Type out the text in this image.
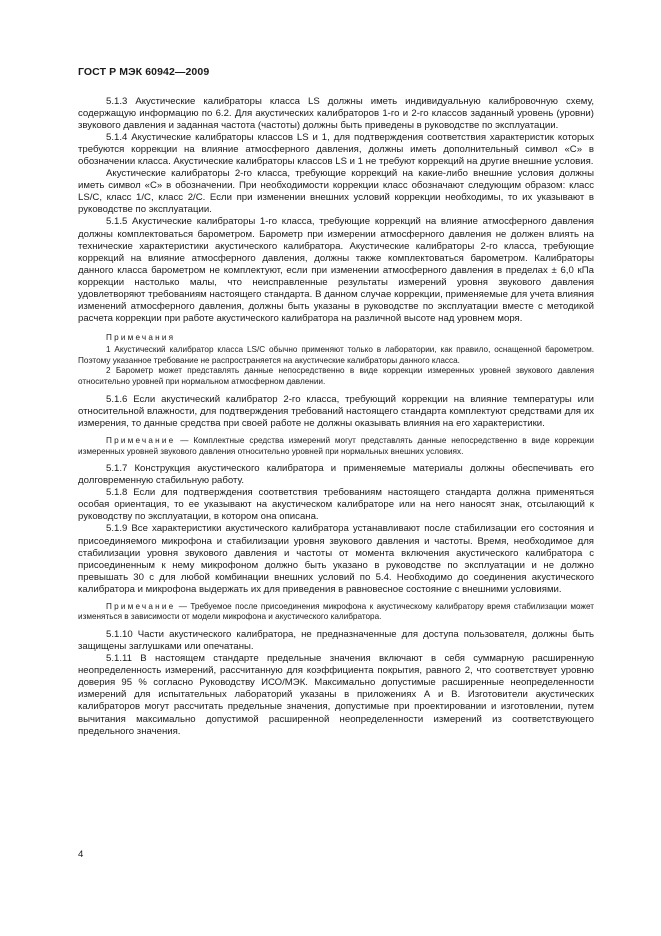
ГОСТ Р МЭК 60942—2009

5.1.3 Акустические калибраторы класса LS должны иметь индивидуальную калибровочную схему, содержащую информацию по 6.2. Для акустических калибраторов 1-го и 2-го классов заданный уровень (уровни) звукового давления и заданная частота (частоты) должны быть приведены в руководстве по эксплуатации.

5.1.4 Акустические калибраторы классов LS и 1, для подтверждения соответствия характеристик которых требуются коррекции на влияние атмосферного давления, должны иметь дополнительный символ «С» в обозначении класса. Акустические калибраторы классов LS и 1 не требуют коррекций на другие внешние условия.

Акустические калибраторы 2-го класса, требующие коррекций на какие-либо внешние условия должны иметь символ «С» в обозначении. При необходимости коррекции класс обозначают следующим образом: класс LS/C, класс 1/C, класс 2/C. Если при изменении внешних условий коррекции необходимы, то их указывают в руководстве по эксплуатации.

5.1.5 Акустические калибраторы 1-го класса, требующие коррекций на влияние атмосферного давления должны комплектоваться барометром. Барометр при измерении атмосферного давления не должен влиять на технические характеристики акустического калибратора. Акустические калибраторы 2-го класса, требующие коррекций на влияние атмосферного давления, должны также комплектоваться барометром. Калибраторы данного класса барометром не комплектуют, если при изменении атмосферного давления в пределах ± 6,0 кПа коррекции настолько малы, что неисправленные результаты измерений уровня звукового давления удовлетворяют требованиям настоящего стандарта. В данном случае коррекции, применяемые для учета влияния изменений атмосферного давления, должны быть указаны в руководстве по эксплуатации вместе с методикой расчета коррекции при работе акустического калибратора на различной высоте над уровнем моря.

Примечания

1 Акустический калибратор класса LS/C обычно применяют только в лаборатории, как правило, оснащенной барометром. Поэтому указанное требование не распространяется на акустические калибраторы данного класса.

2 Барометр может представлять данные непосредственно в виде коррекции измеренных уровней звукового давления относительно уровней при нормальном атмосферном давлении.

5.1.6 Если акустический калибратор 2-го класса, требующий коррекции на влияние температуры или относительной влажности, для подтверждения требований настоящего стандарта комплектуют средствами для их измерения, то данные средства при своей работе не должны оказывать влияния на его характеристики.

Примечание — Комплектные средства измерений могут представлять данные непосредственно в виде коррекции измеренных уровней звукового давления относительно уровней при нормальных внешних условиях.

5.1.7 Конструкция акустического калибратора и применяемые материалы должны обеспечивать его долговременную стабильную работу.

5.1.8 Если для подтверждения соответствия требованиям настоящего стандарта должна применяться особая ориентация, то ее указывают на акустическом калибраторе или на него наносят знак, отсылающий к руководству по эксплуатации, в котором она описана.

5.1.9 Все характеристики акустического калибратора устанавливают после стабилизации его состояния и присоединяемого микрофона и стабилизации уровня звукового давления и частоты. Время, необходимое для стабилизации уровня звукового давления и частоты от момента включения акустического калибратора с присоединенным к нему микрофоном должно быть указано в руководстве по эксплуатации и не должно превышать 30 с для любой комбинации внешних условий по 5.4. Необходимо до соединения акустического калибратора и микрофона выдержать их для приведения в равновесное состояние с внешними условиями.

Примечание — Требуемое после присоединения микрофона к акустическому калибратору время стабилизации может изменяться в зависимости от модели микрофона и акустического калибратора.

5.1.10 Части акустического калибратора, не предназначенные для доступа пользователя, должны быть защищены заглушками или опечатаны.

5.1.11 В настоящем стандарте предельные значения включают в себя суммарную расширенную неопределенность измерений, рассчитанную для коэффициента покрытия, равного 2, что соответствует уровню доверия 95 % согласно Руководству ИСО/МЭК. Максимально допустимые расширенные неопределенности измерений для испытательных лабораторий указаны в приложениях А и В. Изготовители акустических калибраторов могут рассчитать предельные значения, допустимые при проектировании и изготовлении, путем вычитания максимально допустимой расширенной неопределенности измерений из соответствующего предельного значения.

4
